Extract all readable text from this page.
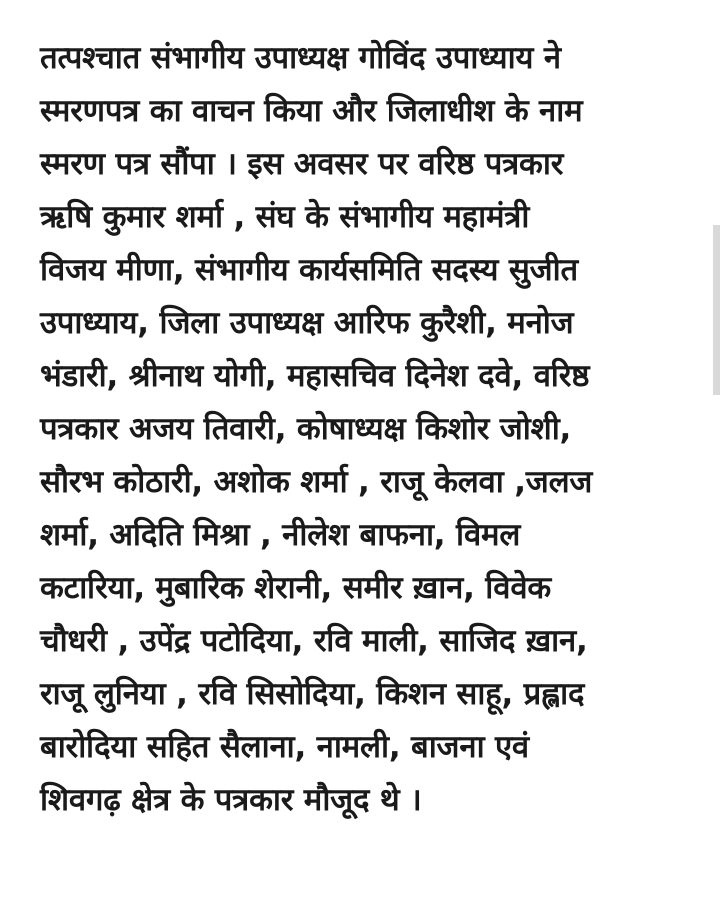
तत्पश्चात संभागीय उपाध्यक्ष गोविंद उपाध्याय ने
स्मरणपत्र का वाचन किया और जिलाधीश के नाम
स्मरण पत्र सौंपा । इस अवसर पर वरिष्ठ पत्रकार
ऋषि कुमार शर्मा , संघ के संभागीय महामंत्री
विजय मीणा, संभागीय कार्यसमिति सदस्य सुजीत
उपाध्याय, जिला उपाध्यक्ष आरिफ कुरैशी, मनोज
भंडारी, श्रीनाथ योगी, महासचिव दिनेश दवे, वरिष्ठ
पत्रकार अजय तिवारी, कोषाध्यक्ष किशोर जोशी,
सौरभ कोठारी, अशोक शर्मा , राजू केलवा ,जलज
शर्मा, अदिति मिश्रा , नीलेश बाफना, विमल
कटारिया, मुबारिक शेरानी, समीर ख़ान, विवेक
चौधरी , उपेंद्र पटोदिया, रवि माली, साजिद ख़ान,
राजू लुनिया , रवि सिसोदिया, किशन साहू, प्रह्लाद
बारोदिया सहित सैलाना, नामली, बाजना एवं
शिवगढ़ क्षेत्र के पत्रकार मौजूद थे ।
